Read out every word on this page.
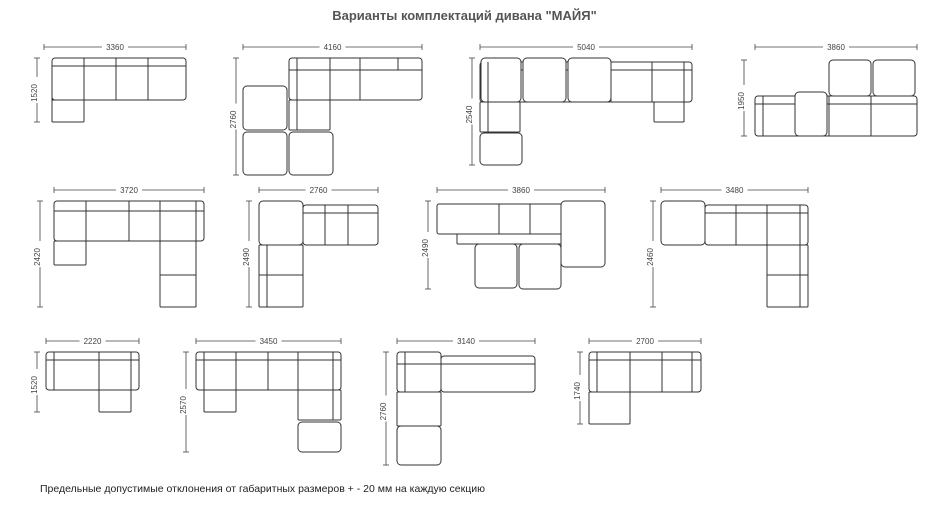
Варианты комплектаций дивана "МАЙЯ"
3360
1520
4160
2760
5040
2540
3860
1950
3720
2420
2760
2490
3860
2490
3480
2460
2220
1520
3450
2570
3140
2760
2700
1740
Предельные допустимые отклонения от габаритных размеров + - 20 мм на каждую секцию
